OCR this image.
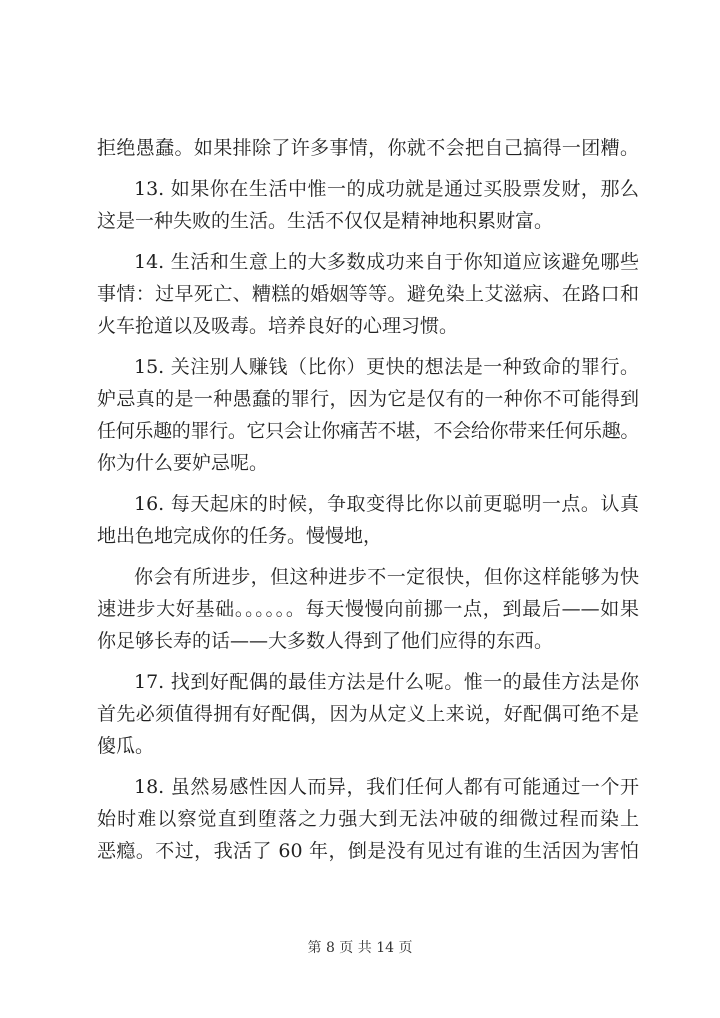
拒绝愚蠢。如果排除了许多事情，你就不会把自己搞得一团糟。
13. 如果你在生活中惟一的成功就是通过买股票发财，那么
这是一种失败的生活。生活不仅仅是精神地积累财富。
14. 生活和生意上的大多数成功来自于你知道应该避免哪些
事情：过早死亡、糟糕的婚姻等等。避免染上艾滋病、在路口和
火车抢道以及吸毒。培养良好的心理习惯。
15. 关注别人赚钱（比你）更快的想法是一种致命的罪行。
妒忌真的是一种愚蠢的罪行，因为它是仅有的一种你不可能得到
任何乐趣的罪行。它只会让你痛苦不堪，不会给你带来任何乐趣。
你为什么要妒忌呢。
16. 每天起床的时候，争取变得比你以前更聪明一点。认真
地出色地完成你的任务。慢慢地，
你会有所进步，但这种进步不一定很快，但你这样能够为快
速进步大好基础。。。。。。每天慢慢向前挪一点，到最后——如果
你足够长寿的话——大多数人得到了他们应得的东西。
17. 找到好配偶的最佳方法是什么呢。惟一的最佳方法是你
首先必须值得拥有好配偶，因为从定义上来说，好配偶可绝不是
傻瓜。
18. 虽然易感性因人而异，我们任何人都有可能通过一个开
始时难以察觉直到堕落之力强大到无法冲破的细微过程而染上
恶瘾。不过，我活了 60 年，倒是没有见过有谁的生活因为害怕
第 8 页 共 14 页
